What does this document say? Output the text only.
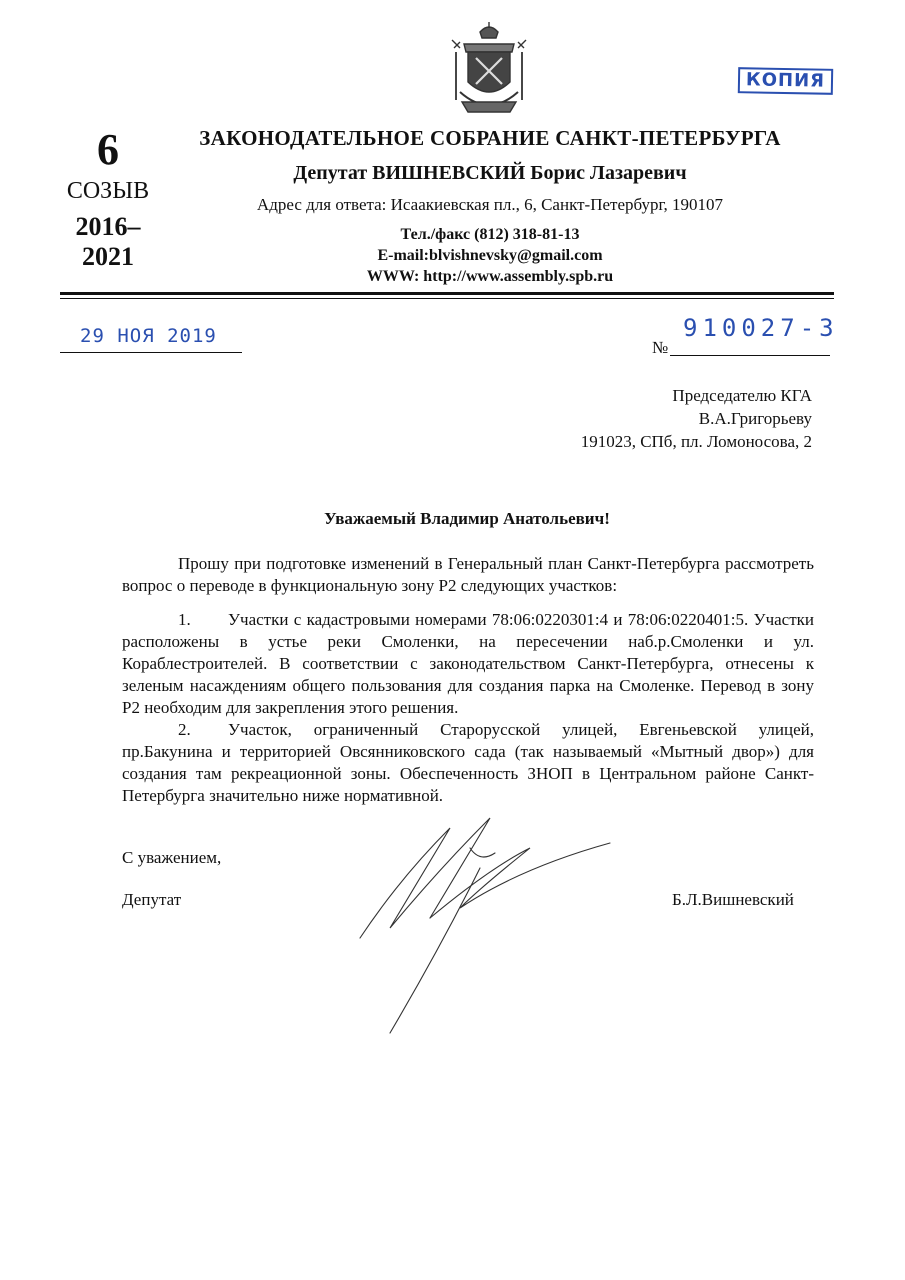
КОПИЯ
6
СОЗЫВ
2016–
2021
ЗАКОНОДАТЕЛЬНОЕ СОБРАНИЕ САНКТ-ПЕТЕРБУРГА
Депутат ВИШНЕВСКИЙ Борис Лазаревич
Адрес для ответа: Исаакиевская пл., 6, Санкт-Петербург, 190107
Тел./факс (812) 318-81-13
E-mail:blvishnevsky@gmail.com
WWW: http://www.assembly.spb.ru
29 НОЯ 2019	910027-3
№
Председателю КГА
В.А.Григорьеву
191023, СПб, пл. Ломоносова, 2
Уважаемый Владимир Анатольевич!

Прошу при подготовке изменений в Генеральный план Санкт-Петербурга рассмотреть вопрос о переводе в функциональную зону Р2 следующих участков:

1. Участки с кадастровыми номерами 78:06:0220301:4 и 78:06:0220401:5. Участки расположены в устье реки Смоленки, на пересечении наб.р.Смоленки и ул. Кораблестроителей. В соответствии с законодательством Санкт-Петербурга, отнесены к зеленым насаждениям общего пользования для создания парка на Смоленке. Перевод в зону Р2 необходим для закрепления этого решения.
2. Участок, ограниченный Старорусской улицей, Евгеньевской улицей, пр.Бакунина и территорией Овсянниковского сада (так называемый «Мытный двор») для создания там рекреационной зоны. Обеспеченность ЗНОП в Центральном районе Санкт-Петербурга значительно ниже нормативной.
С уважением,
Депутат	Б.Л.Вишневский
